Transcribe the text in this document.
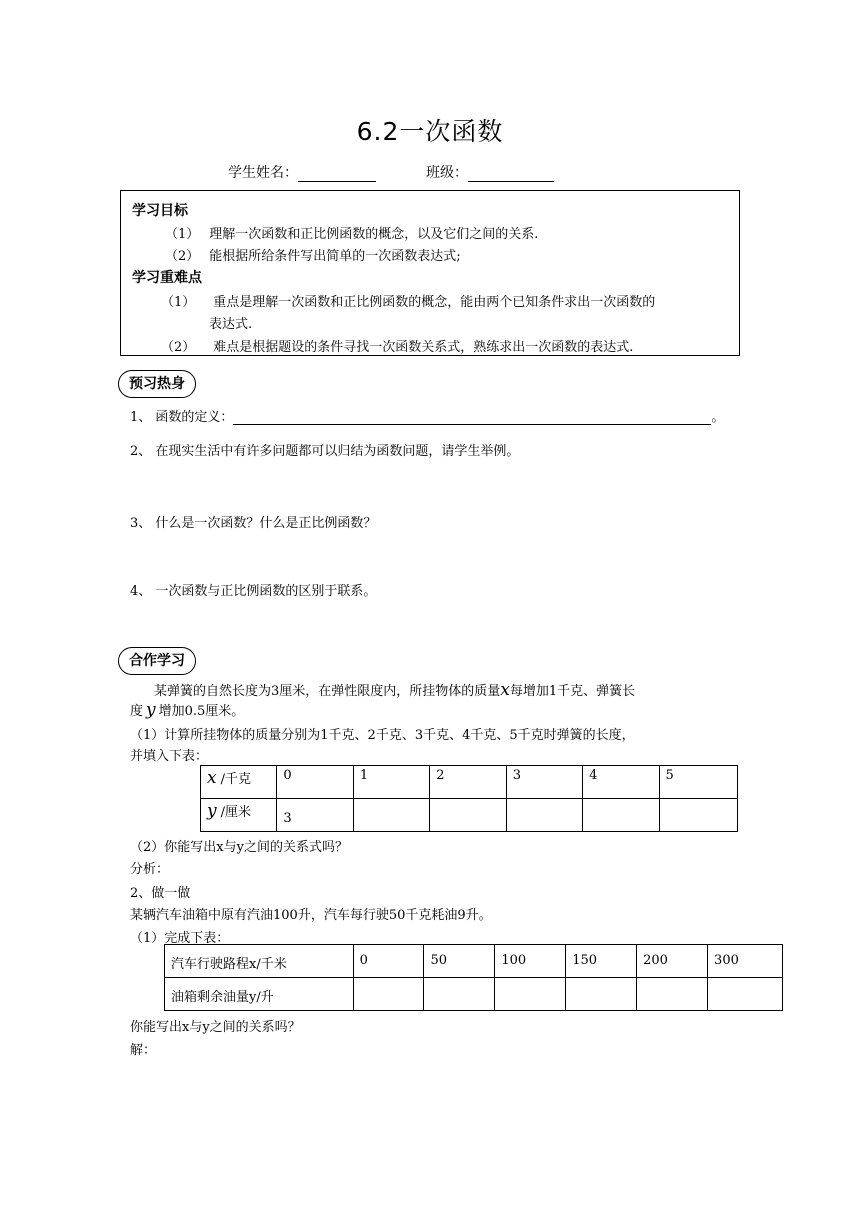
6.2一次函数
学生姓名：	班级：
学习目标
（1） 理解一次函数和正比例函数的概念，以及它们之间的关系.
（2） 能根据所给条件写出简单的一次函数表达式;
学习重难点
（1） 重点是理解一次函数和正比例函数的概念，能由两个已知条件求出一次函数的
表达式.
（2） 难点是根据题设的条件寻找一次函数关系式，熟练求出一次函数的表达式.
预习热身
1、 函数的定义：	。
2、 在现实生活中有许多问题都可以归结为函数问题，请学生举例。
3、 什么是一次函数？什么是正比例函数？
4、 一次函数与正比例函数的区别于联系。
合作学习
某弹簧的自然长度为3厘米，在弹性限度内，所挂物体的质量x每增加1千克、弹簧长
度 y 增加0.5厘米。
（1）计算所挂物体的质量分别为1千克、2千克、3千克、4千克、5千克时弹簧的长度，
并填入下表：
x /千克	0	1	2	3	4	5
y /厘米	3					
（2）你能写出x与y之间的关系式吗？
分析：
2、做一做
某辆汽车油箱中原有汽油100升，汽车每行驶50千克耗油9升。
（1）完成下表：
汽车行驶路程x/千米	0	50	100	150	200	300
油箱剩余油量y/升						
你能写出x与y之间的关系吗？
解：
